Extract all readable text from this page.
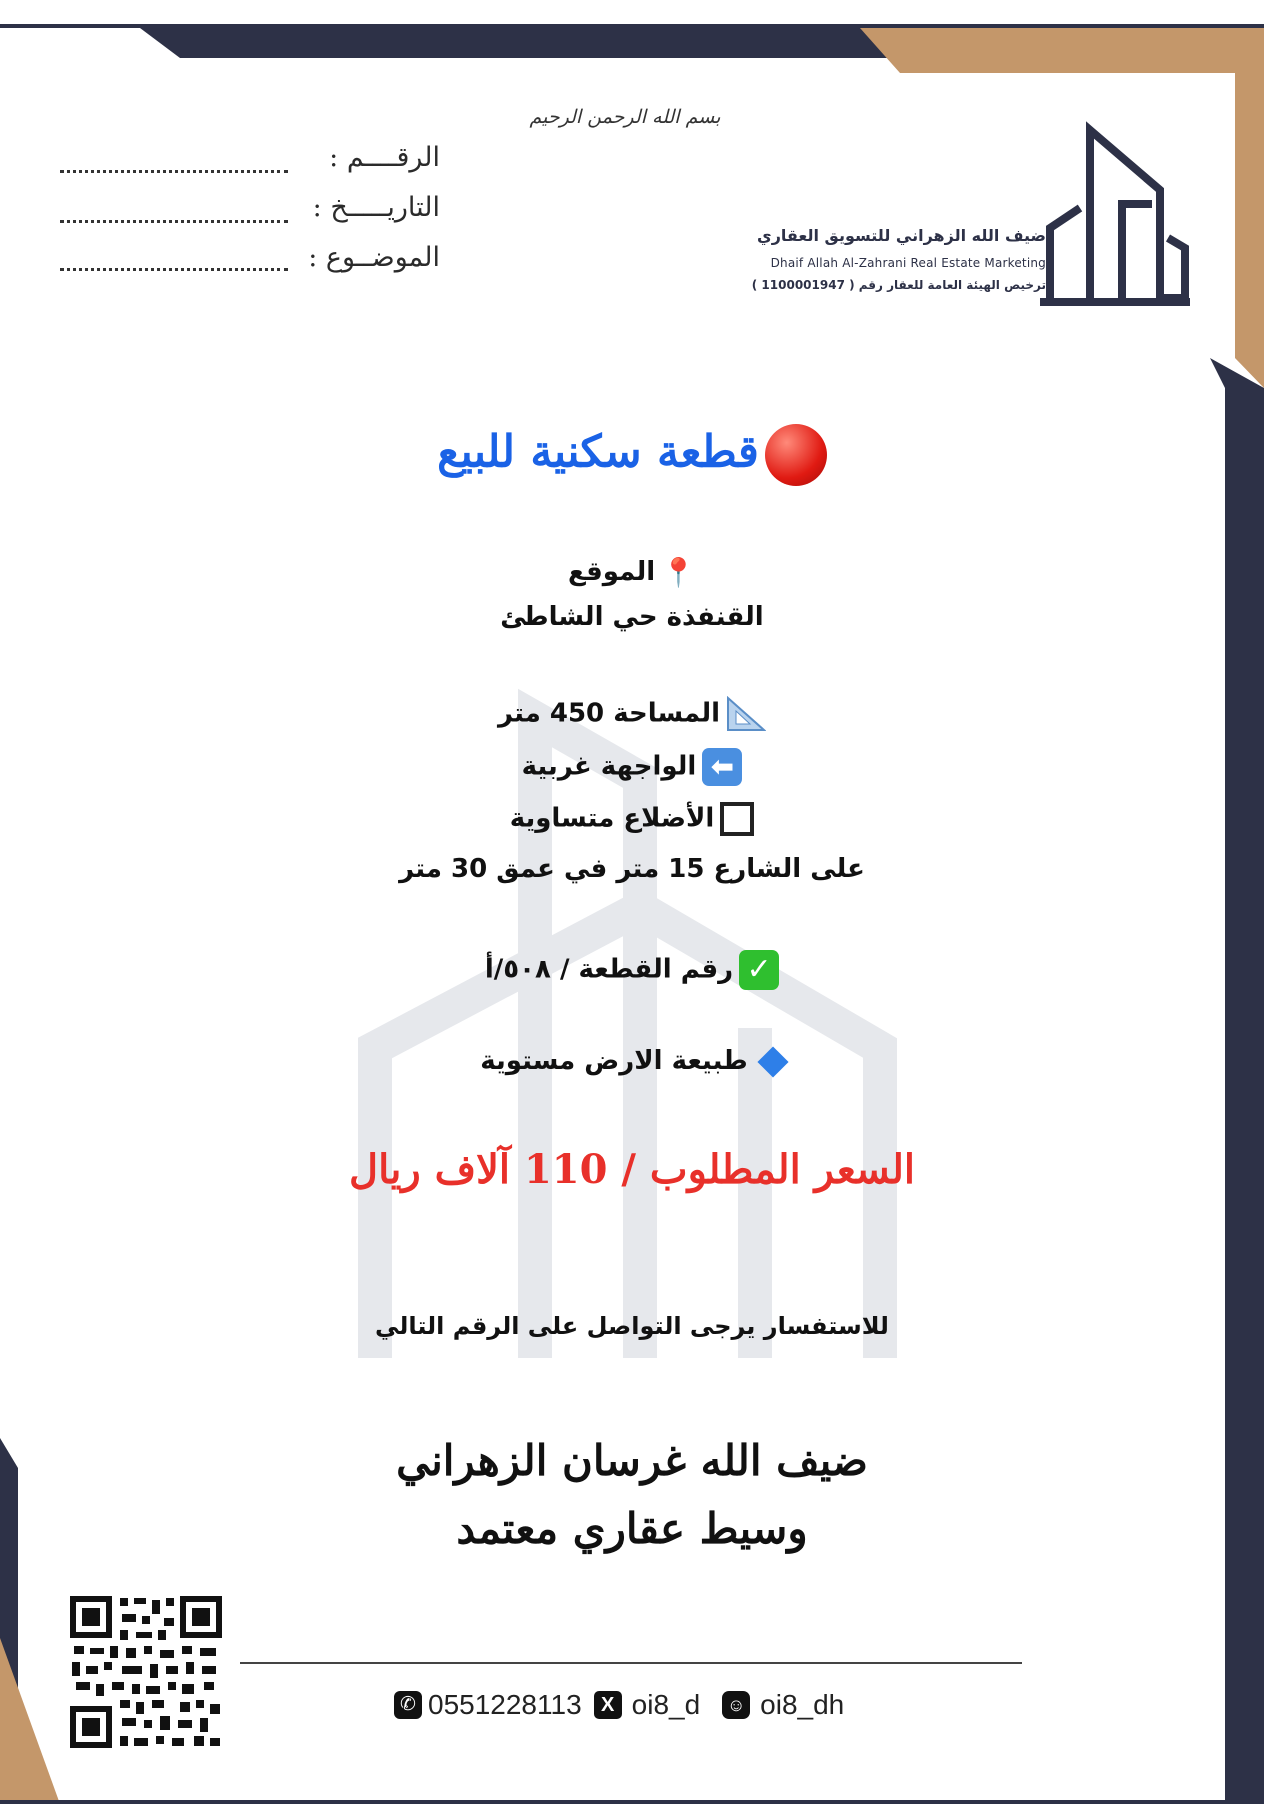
بسم الله الرحمن الرحيم
الرقــــم :
التاريـــــخ :
الموضــوع :
ضيف الله الزهراني للتسويق العقاري
Dhaif Allah Al-Zahrani Real Estate Marketing
ترخيص الهيئة العامة للعقار رقم ( 1100001947 )
قطعة سكنية للبيع
📍الموقع
القنفذة حي الشاطئ
المساحة 450 متر
⬅الواجهة غربية
الأضلاع متساوية
على الشارع 15 متر في عمق 30 متر
✓رقم القطعة / ٥٠٨/أ
طبيعة الارض مستوية
السعر المطلوب / 110 آلاف ريال
للاستفسار يرجى التواصل على الرقم التالي
ضيف الله غرسان الزهراني
وسيط عقاري معتمد
✆ 0551228113 X oi8_d ☺ oi8_dh
